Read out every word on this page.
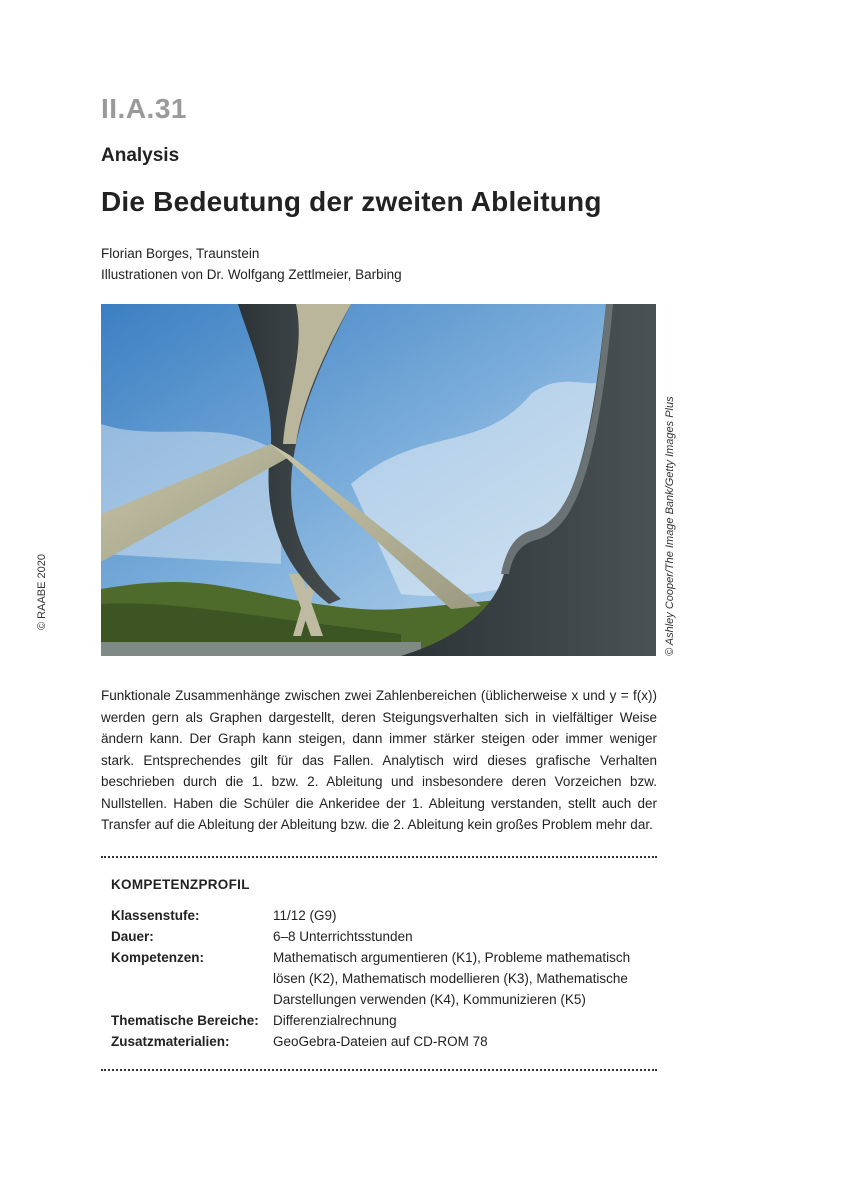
II.A.31
Analysis
Die Bedeutung der zweiten Ableitung
Florian Borges, Traunstein
Illustrationen von Dr. Wolfgang Zettlmeier, Barbing
© RAABE 2020	© Ashley Cooper/The Image Bank/Getty Images Plus
Funktionale Zusammenhänge zwischen zwei Zahlenbereichen (üblicherweise x und y = f(x)) werden gern als Graphen dargestellt, deren Steigungsverhalten sich in vielfältiger Weise ändern kann. Der Graph kann steigen, dann immer stärker steigen oder immer weniger stark. Entsprechendes gilt für das Fallen. Analytisch wird dieses grafische Verhalten beschrieben durch die 1. bzw. 2. Ableitung und insbesondere deren Vorzeichen bzw. Nullstellen. Haben die Schüler die Ankeridee der 1. Ableitung verstanden, stellt auch der Transfer auf die Ableitung der Ableitung bzw. die 2. Ableitung kein großes Problem mehr dar.
KOMPETENZPROFIL
Klassenstufe:	11/12 (G9)
Dauer:	6–8 Unterrichtsstunden
Kompetenzen:	Mathematisch argumentieren (K1), Probleme mathematisch lösen (K2), Mathematisch modellieren (K3), Mathematische Darstellungen verwenden (K4), Kommunizieren (K5)
Thematische Bereiche: Differenzialrechnung
Zusatzmaterialien:	GeoGebra-Dateien auf CD-ROM 78
